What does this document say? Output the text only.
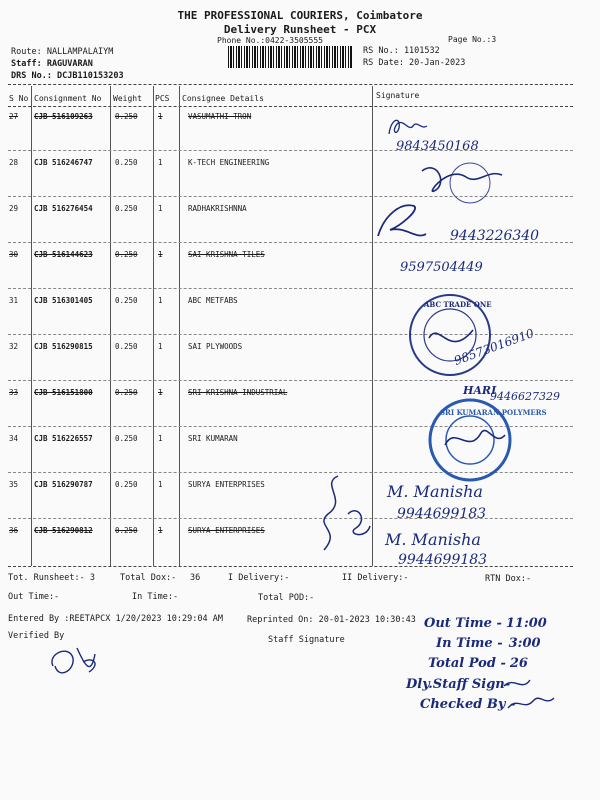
THE PROFESSIONAL COURIERS, Coimbatore
Delivery Runsheet - PCX
Phone No.:0422-3505555	Page No.:3
Route: NALLAMPALAIYM
Staff: RAGUVARAN
DRS No.: DCJB110153203
RS No.: 1101532
RS Date: 20-Jan-2023
S No Consignment No Weight PCS Consignee Details	Signature
27 CJB 516109263	0.250	1	VASUMATHI TRON
28 CJB 516246747	0.250	1	K-TECH ENGINEERING
29 CJB 516276454	0.250	1	RADHAKRISHNNA
30 CJB 516144623	0.250	1	SAI KRISHNA TILES
31 CJB 516301405	0.250	1	ABC METFABS
32 CJB 516290815	0.250	1	SAI PLYWOODS
33 CJB 516151800	0.250	1	SRI KRISHNA INDUSTRIAL
34 CJB 516226557	0.250	1	SRI KUMARAN
35 CJB 516290787	0.250	1	SURYA ENTERPRISES
36 CJB 516290812	0.250	1	SURYA ENTERPRISES
Tot. Runsheet:- 3	Total Dox:- 36	I Delivery:-	II Delivery:-	RTN Dox:-
Out Time:-	In Time:-	Total POD:-
Entered By :REETAPCX 1/20/2023 10:29:04 AM	Reprinted On: 20-01-2023 10:30:43
Verified By	Staff Signature
Out Time - 11:00
In Time - 3:00
Total Pod - 26
Dly.Staff Sign-
Checked By -
9843450168
9443226340
9597504449
ABC TRADE ONE
98573016910
HARI
9446627329
SRI KUMARAN POLYMERS
M. Manisha
9944699183
M. Manisha
9944699183
